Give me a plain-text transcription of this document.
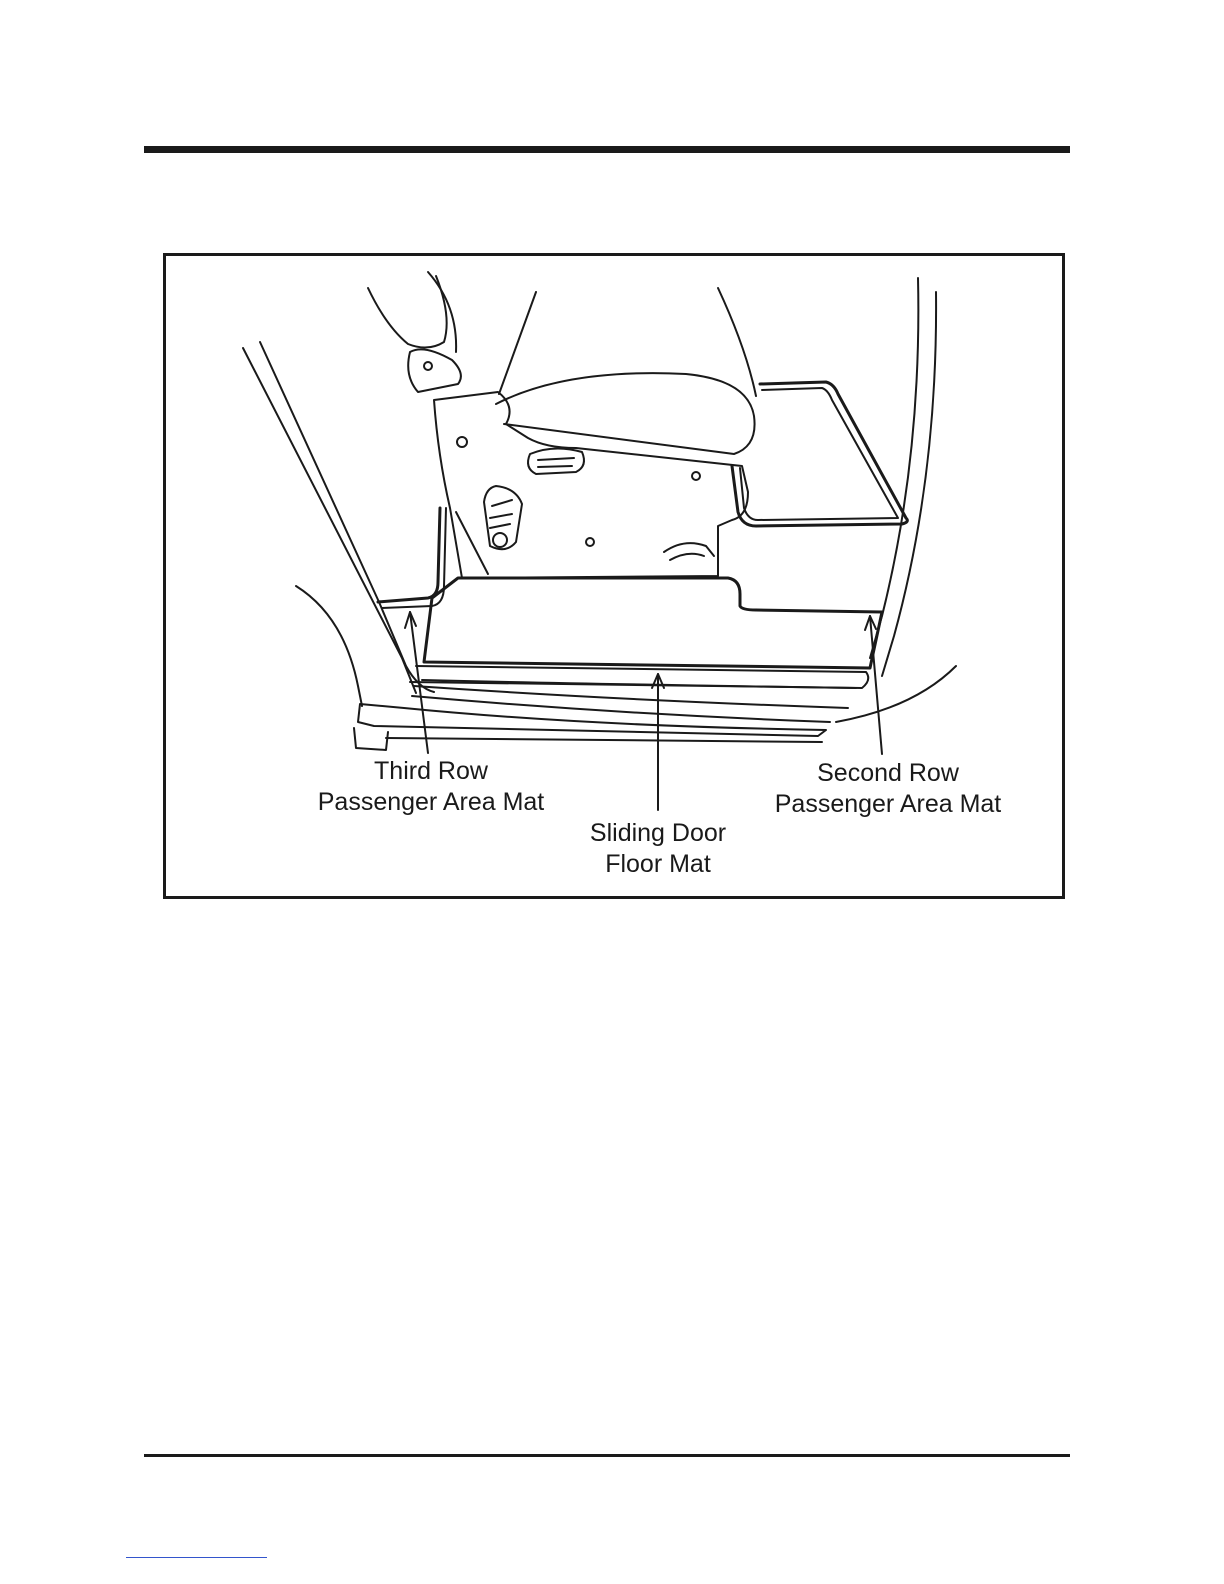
Third Row
Passenger Area Mat
Sliding Door
Floor Mat
Second Row
Passenger Area Mat
